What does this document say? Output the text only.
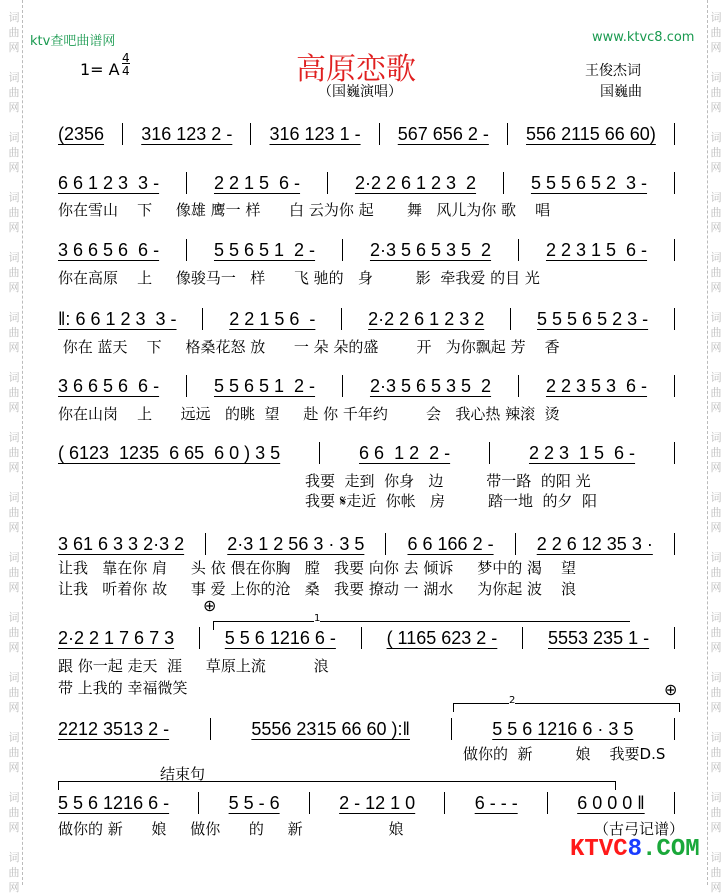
词
曲
网
词
曲
网
词
曲
网
词
曲
网
词
曲
网
词
曲
网
词
曲
网
词
曲
网
词
曲
网
词
曲
网
词
曲
网
词
曲
网
词
曲
网
词
曲
网
词
曲
网
词
曲
网
词
曲
网
词
曲
网
词
曲
网
词
曲
网
词
曲
网
词
曲
网
词
曲
网
词
曲
网
词
曲
网
词
曲
网
词
曲
网
词
曲
网
词
曲
网
词
曲
网
ktv查吧曲谱网	www.ktvc8.com
高原恋歌
1= A
4
4
（国巍演唱）
王俊杰词
国巍曲
(2356 316 123 2 - 316 123 1 - 567 656 2 - 556 2115 66 60)
6 6 1 2 3  3 -	2 2 1 5  6 -	2·2 2 6 1 2 3  2	5 5 5 6 5 2  3 -
3 6 6 5 6  6 -	5 5 6 5 1  2 -	2·3 5 6 5 3 5  2	2 2 3 1 5  6 -
‖: 6 6 1 2 3  3 -	2 2 1 5 6  -	2·2 2 6 1 2 3 2	5 5 5 6 5 2 3 -
3 6 6 5 6  6 -	5 5 6 5 1  2 -	2·3 5 6 5 3 5  2	2 2 3 5 3  6 -
( 6123  1235  6 65  6 0 ) 3 5	6 6  1 2  2 -	2 2 3  1 5  6 -
3 61 6 3 3 2·3 2 2·3 1 2 56 3 · 3 5 6 6 166 2 - 2 2 6 12 35 3 ·
2·2 2 1 7 6 7 3	5 5 6 1216 6 -	( 1165 623 2 -	5553 235 1 -
2212 3513 2 -	5556 2315 66 60 ):‖	5 5 6 1216 6 · 3 5
5 5 6 1216 6 -	5 5 - 6	2 - 12 1 0	6 - - -	6 0 0 0 ‖
你在雪山    下     像雄 鹰一 样      白 云为你 起       舞   风儿为你 歌    唱
你在高原    上     像骏马一   样      飞 驰的   身         影  牵我爱 的目 光
你在 蓝天    下     格桑花怒 放      一 朵 朵的盛        开   为你飘起 芳    香
你在山岗    上      远远   的眺  望     赴 你 千年约        会   我心热 辣滚  烫
我要  走到  你身   边         带一路  的阳 光
我要 𝄋走近  你帐   房         踏一地  的夕  阳
让我   靠在你 肩     头 依 偎在你胸   膛   我要 向你 去 倾诉     梦中的 渴    望
让我   听着你 故     事 爱 上你的沧   桑   我要 撩动 一 湖水     为你起 波    浪
跟 你一起 走天  涯     草原上流          浪
带 上我的 幸福微笑
做你的  新         娘    我要D.S
做你的 新      娘     做你      的     新                  娘
结束句
（古弓记谱）
⊕
⊕
1
2
KTVC8.COM
